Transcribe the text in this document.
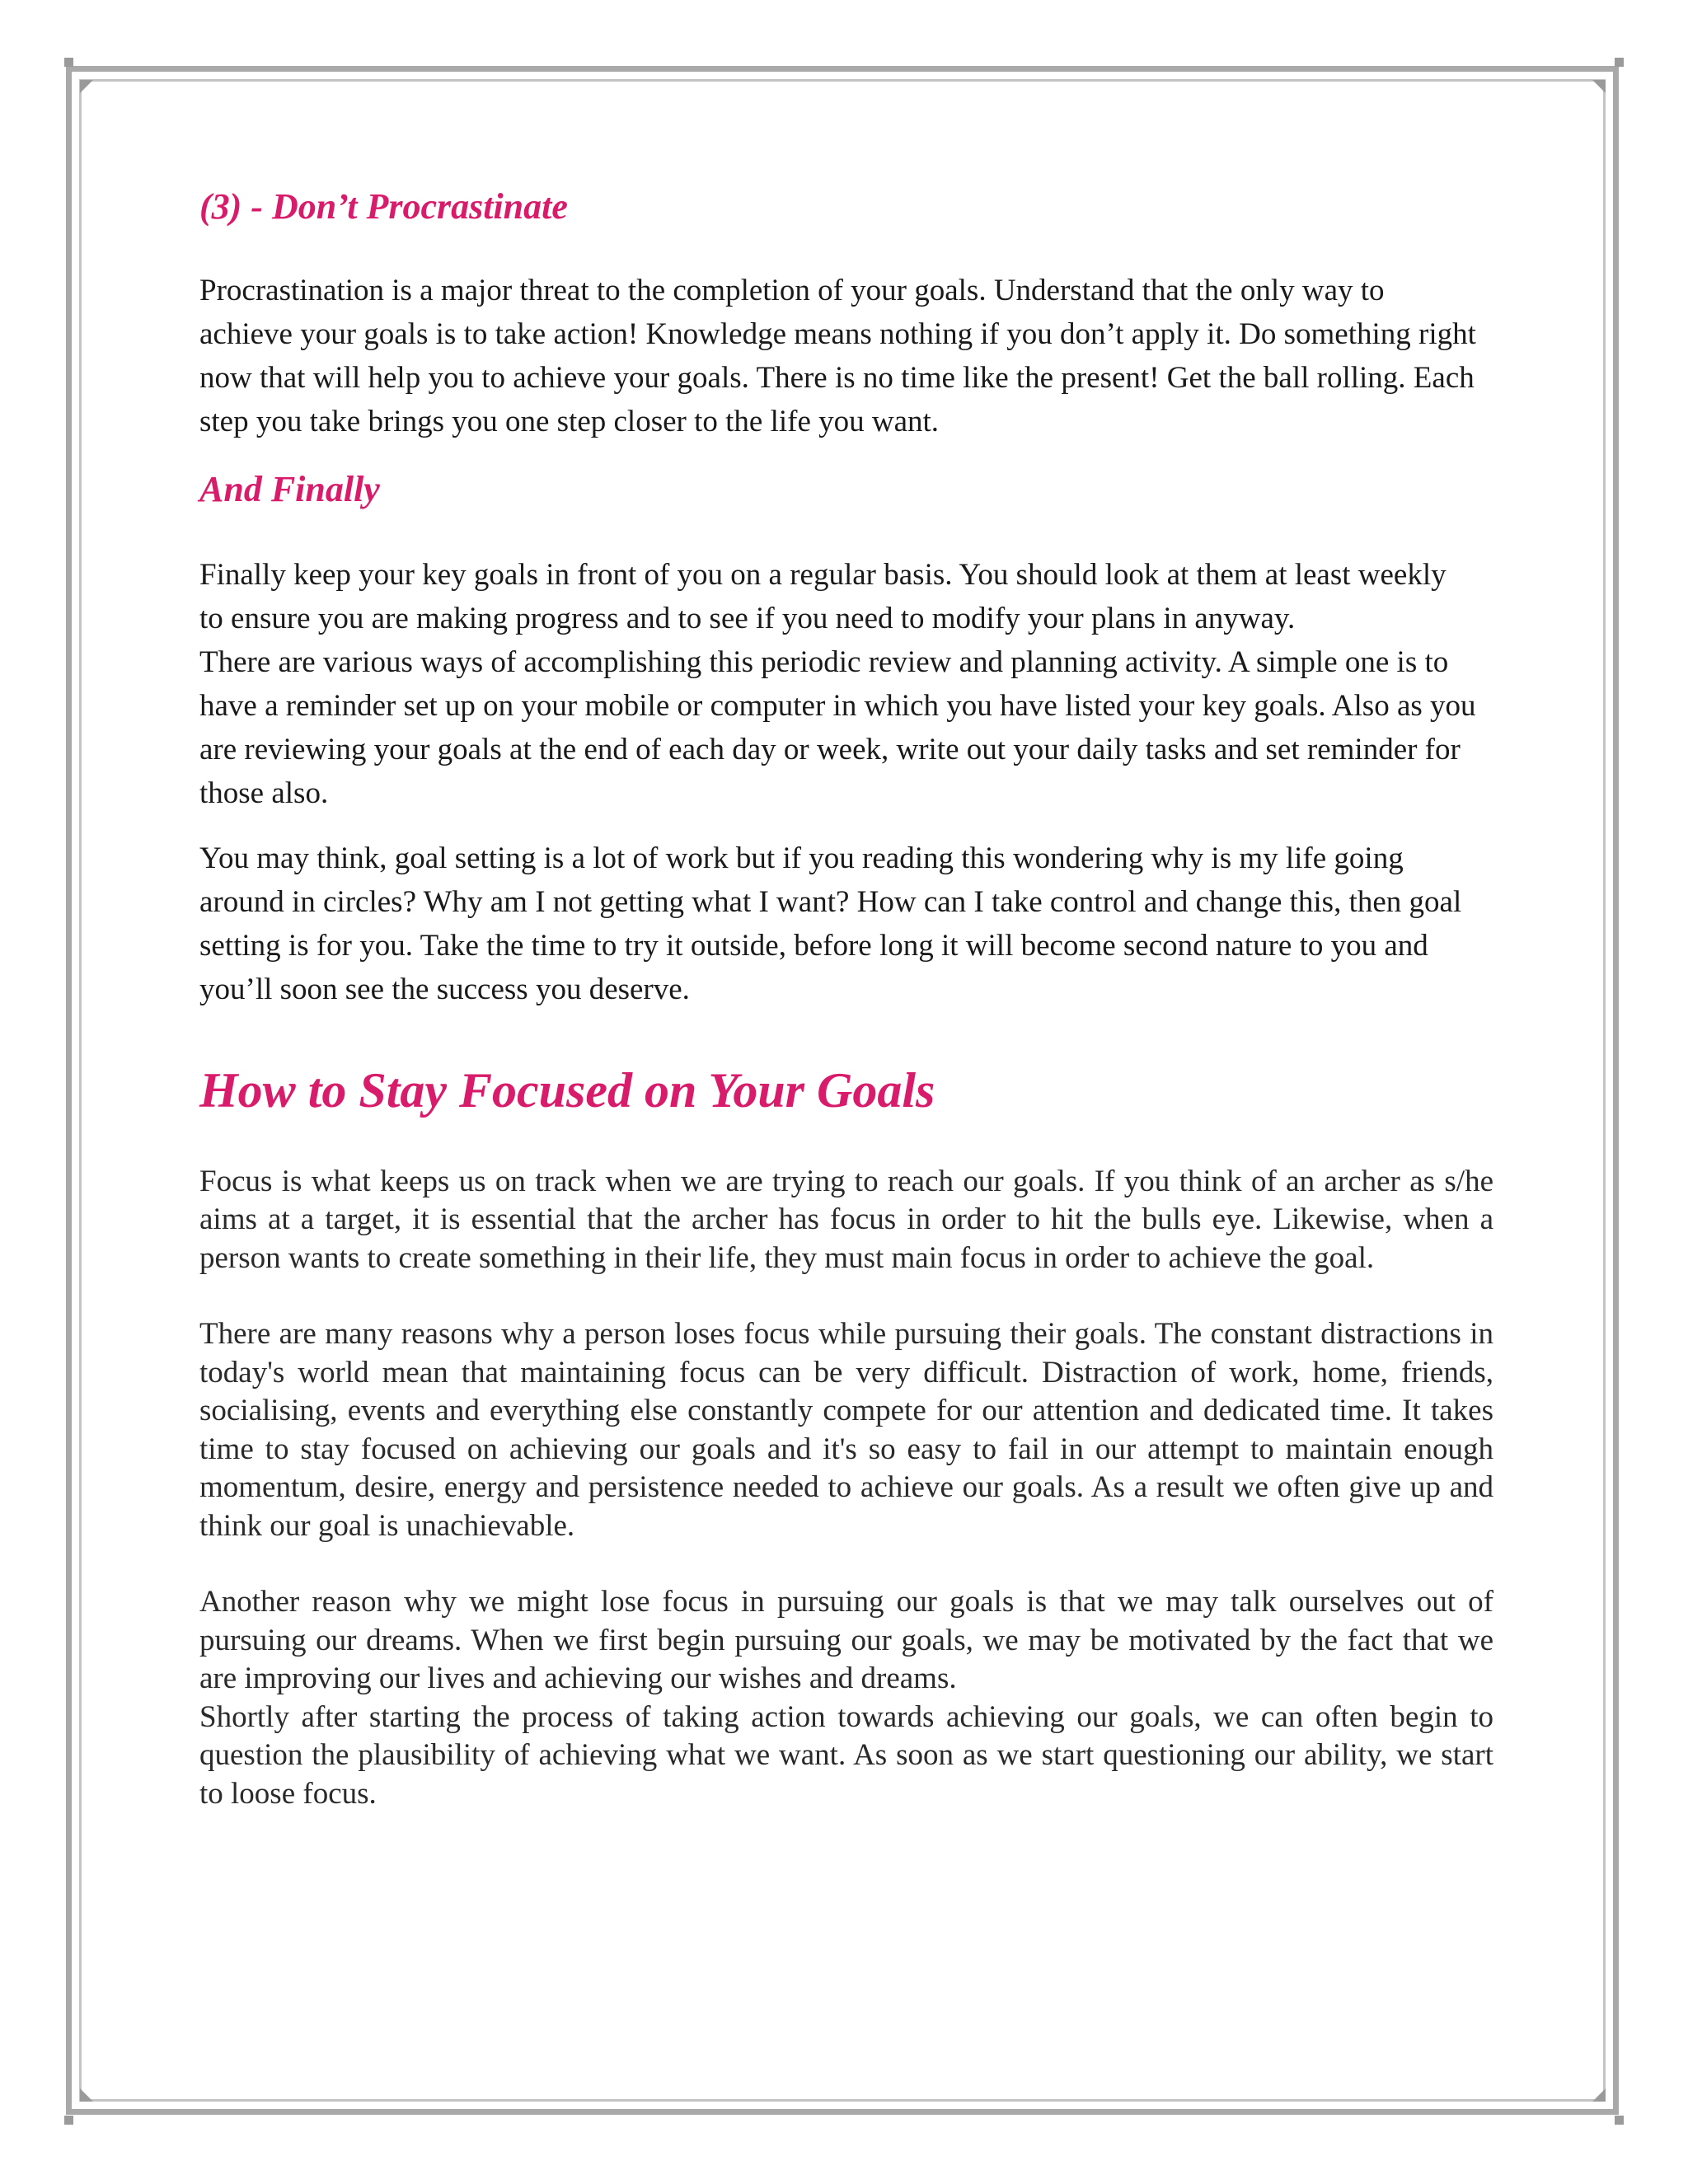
(3) - Don’t Procrastinate

Procrastination is a major threat to the completion of your goals. Understand that the only way to achieve your goals is to take action! Knowledge means nothing if you don’t apply it. Do something right now that will help you to achieve your goals. There is no time like the present! Get the ball rolling. Each step you take brings you one step closer to the life you want.

And Finally

Finally keep your key goals in front of you on a regular basis. You should look at them at least weekly to ensure you are making progress and to see if you need to modify your plans in anyway.

There are various ways of accomplishing this periodic review and planning activity. A simple one is to have a reminder set up on your mobile or computer in which you have listed your key goals. Also as you are reviewing your goals at the end of each day or week, write out your daily tasks and set reminder for those also.

You may think, goal setting is a lot of work but if you reading this wondering why is my life going around in circles? Why am I not getting what I want? How can I take control and change this, then goal setting is for you. Take the time to try it outside, before long it will become second nature to you and you’ll soon see the success you deserve.

How to Stay Focused on Your Goals

Focus is what keeps us on track when we are trying to reach our goals. If you think of an archer as s/he aims at a target, it is essential that the archer has focus in order to hit the bulls eye. Likewise, when a person wants to create something in their life, they must main focus in order to achieve the goal.

There are many reasons why a person loses focus while pursuing their goals. The constant distractions in today's world mean that maintaining focus can be very difficult. Distraction of work, home, friends, socialising, events and everything else constantly compete for our attention and dedicated time. It takes time to stay focused on achieving our goals and it's so easy to fail in our attempt to maintain enough momentum, desire, energy and persistence needed to achieve our goals. As a result we often give up and think our goal is unachievable.

Another reason why we might lose focus in pursuing our goals is that we may talk ourselves out of pursuing our dreams. When we first begin pursuing our goals, we may be motivated by the fact that we are improving our lives and achieving our wishes and dreams.

Shortly after starting the process of taking action towards achieving our goals, we can often begin to question the plausibility of achieving what we want. As soon as we start questioning our ability, we start to loose focus.
